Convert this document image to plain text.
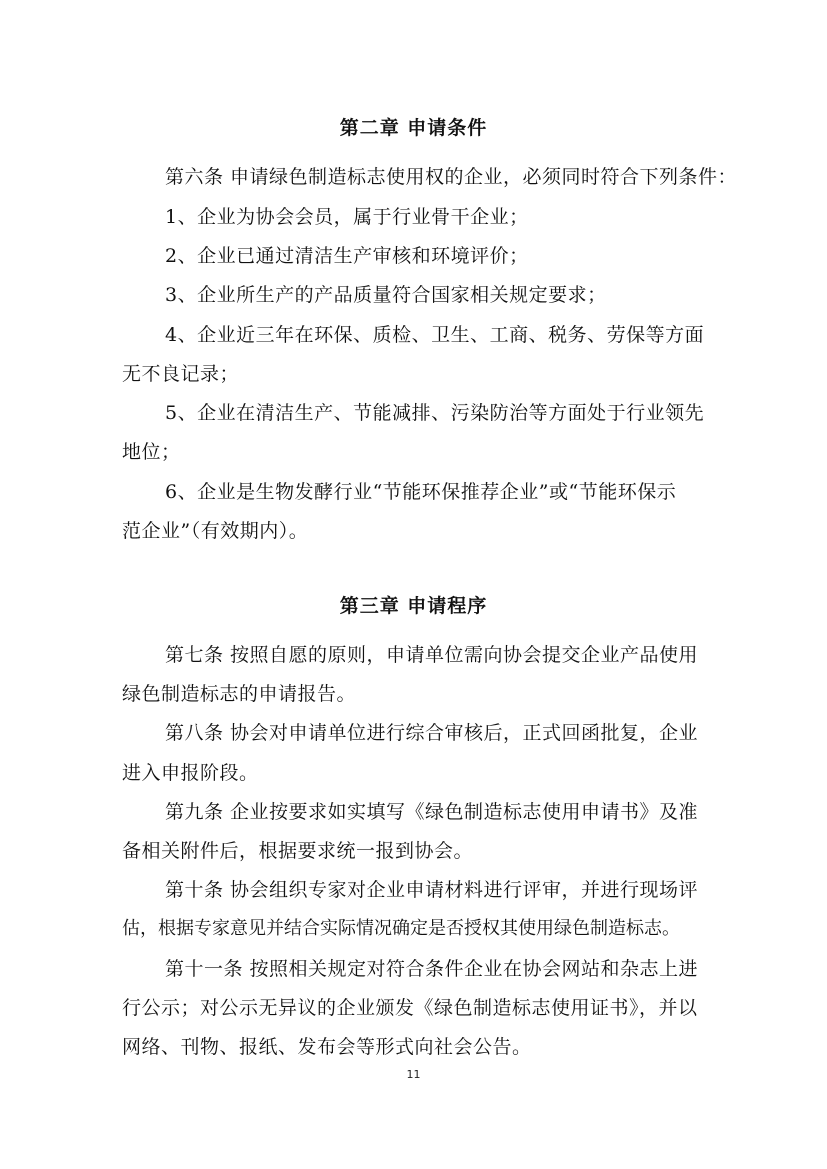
第二章 申请条件
第六条 申请绿色制造标志使用权的企业，必须同时符合下列条件：
1、企业为协会会员，属于行业骨干企业；
2、企业已通过清洁生产审核和环境评价；
3、企业所生产的产品质量符合国家相关规定要求；
4、企业近三年在环保、质检、卫生、工商、税务、劳保等方面
无不良记录；
5、企业在清洁生产、节能减排、污染防治等方面处于行业领先
地位；
6、企业是生物发酵行业“节能环保推荐企业”或“节能环保示
范企业”（有效期内）。
第三章 申请程序
第七条 按照自愿的原则，申请单位需向协会提交企业产品使用
绿色制造标志的申请报告。
第八条 协会对申请单位进行综合审核后，正式回函批复，企业
进入申报阶段。
第九条 企业按要求如实填写《绿色制造标志使用申请书》及准
备相关附件后，根据要求统一报到协会。
第十条 协会组织专家对企业申请材料进行评审，并进行现场评
估，根据专家意见并结合实际情况确定是否授权其使用绿色制造标志。
第十一条 按照相关规定对符合条件企业在协会网站和杂志上进
行公示；对公示无异议的企业颁发《绿色制造标志使用证书》，并以
网络、刊物、报纸、发布会等形式向社会公告。
11
